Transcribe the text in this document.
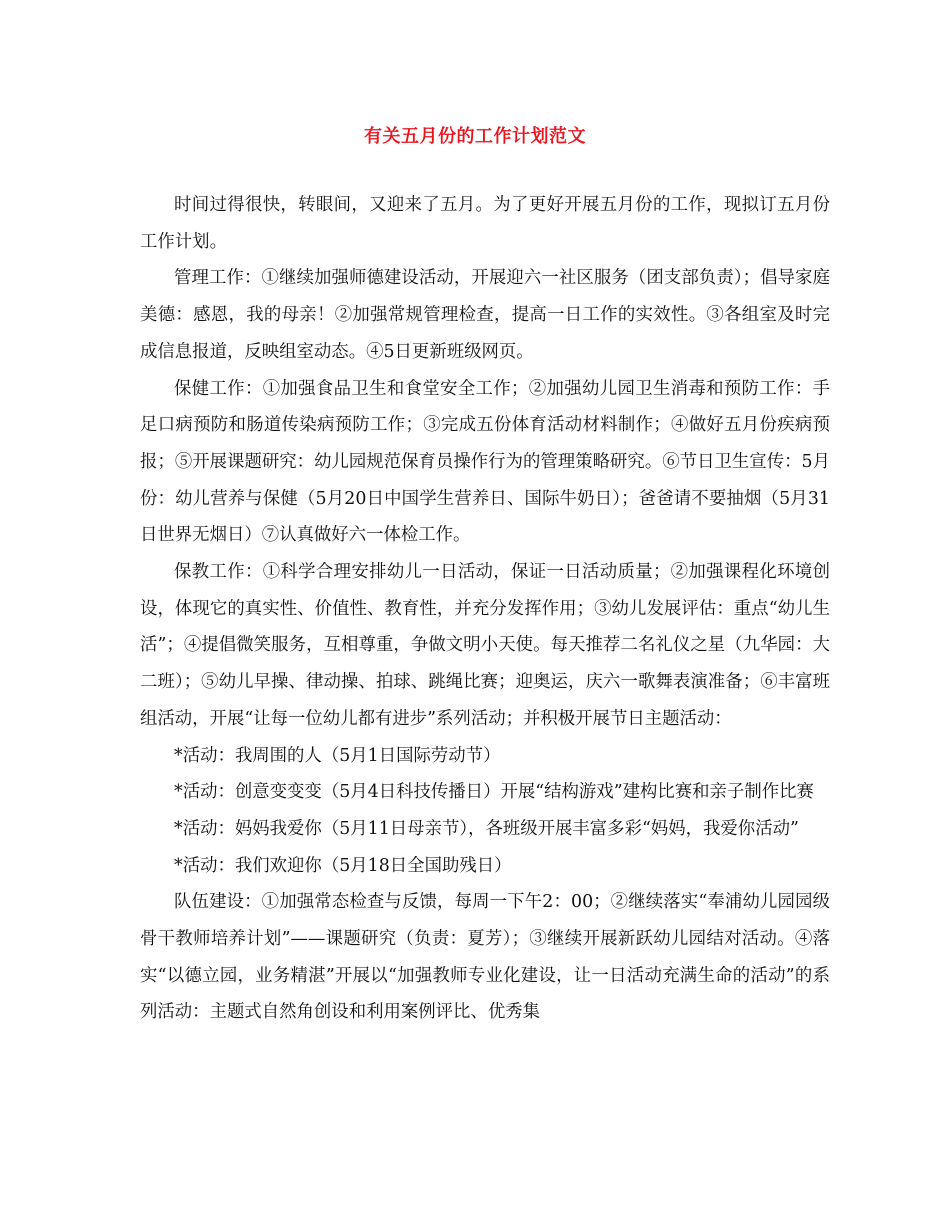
有关五月份的工作计划范文

时间过得很快，转眼间，又迎来了五月。为了更好开展五月份的工作，现拟订五月份工作计划。

管理工作：①继续加强师德建设活动，开展迎六一社区服务（团支部负责）；倡导家庭美德：感恩，我的母亲！②加强常规管理检查，提高一日工作的实效性。③各组室及时完成信息报道，反映组室动态。④5日更新班级网页。

保健工作：①加强食品卫生和食堂安全工作；②加强幼儿园卫生消毒和预防工作：手足口病预防和肠道传染病预防工作；③完成五份体育活动材料制作；④做好五月份疾病预报；⑤开展课题研究：幼儿园规范保育员操作行为的管理策略研究。⑥节日卫生宣传：5月份：幼儿营养与保健（5月20日中国学生营养日、国际牛奶日）；爸爸请不要抽烟（5月31日世界无烟日）⑦认真做好六一体检工作。

保教工作：①科学合理安排幼儿一日活动，保证一日活动质量；②加强课程化环境创设，体现它的真实性、价值性、教育性，并充分发挥作用；③幼儿发展评估：重点“幼儿生活”；④提倡微笑服务，互相尊重，争做文明小天使。每天推荐二名礼仪之星（九华园：大二班）；⑤幼儿早操、律动操、拍球、跳绳比赛；迎奥运，庆六一歌舞表演准备；⑥丰富班组活动，开展“让每一位幼儿都有进步”系列活动；并积极开展节日主题活动：

*活动：我周围的人（5月1日国际劳动节）

*活动：创意变变变（5月4日科技传播日）开展“结构游戏”建构比赛和亲子制作比赛

*活动：妈妈我爱你（5月11日母亲节），各班级开展丰富多彩“妈妈，我爱你活动”

*活动：我们欢迎你（5月18日全国助残日）

队伍建设：①加强常态检查与反馈，每周一下午2：00；②继续落实“奉浦幼儿园园级骨干教师培养计划”——课题研究（负责：夏芳）；③继续开展新跃幼儿园结对活动。④落实“以德立园，业务精湛”开展以“加强教师专业化建设，让一日活动充满生命的活动”的系列活动：主题式自然角创设和利用案例评比、优秀集
